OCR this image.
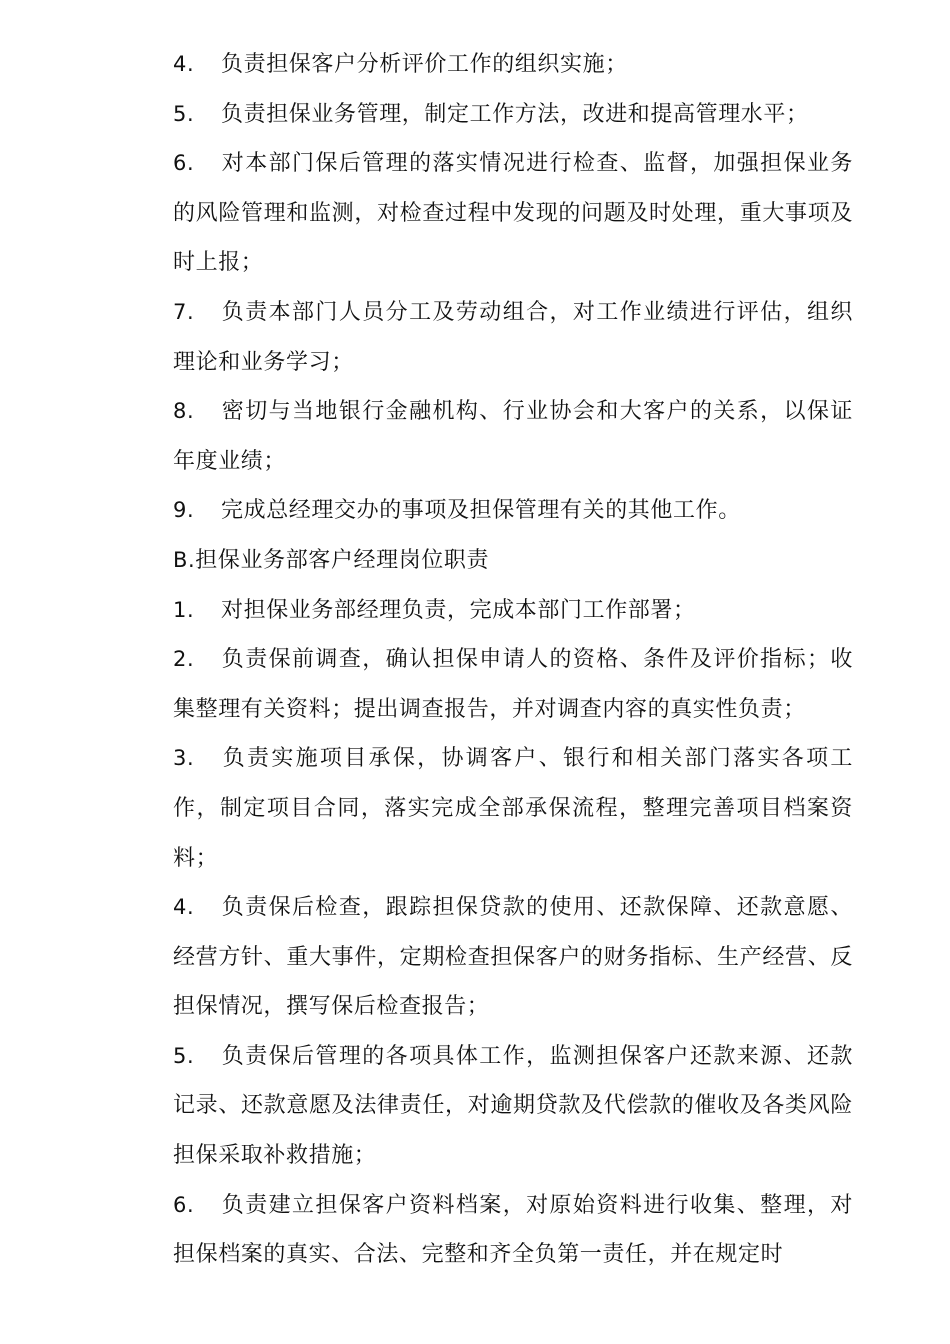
4. 负责担保客户分析评价工作的组织实施；

5. 负责担保业务管理，制定工作方法，改进和提高管理水平；

6. 对本部门保后管理的落实情况进行检查、监督，加强担保业务的风险管理和监测，对检查过程中发现的问题及时处理，重大事项及时上报；

7. 负责本部门人员分工及劳动组合，对工作业绩进行评估，组织理论和业务学习；

8. 密切与当地银行金融机构、行业协会和大客户的关系，以保证年度业绩；

9. 完成总经理交办的事项及担保管理有关的其他工作。

B.担保业务部客户经理岗位职责

1. 对担保业务部经理负责，完成本部门工作部署；

2. 负责保前调查，确认担保申请人的资格、条件及评价指标；收集整理有关资料；提出调查报告，并对调查内容的真实性负责；

3. 负责实施项目承保，协调客户、银行和相关部门落实各项工作，制定项目合同，落实完成全部承保流程，整理完善项目档案资料；

4. 负责保后检查，跟踪担保贷款的使用、还款保障、还款意愿、经营方针、重大事件，定期检查担保客户的财务指标、生产经营、反担保情况，撰写保后检查报告；

5. 负责保后管理的各项具体工作，监测担保客户还款来源、还款记录、还款意愿及法律责任，对逾期贷款及代偿款的催收及各类风险担保采取补救措施；

6. 负责建立担保客户资料档案，对原始资料进行收集、整理，对担保档案的真实、合法、完整和齐全负第一责任，并在规定时
